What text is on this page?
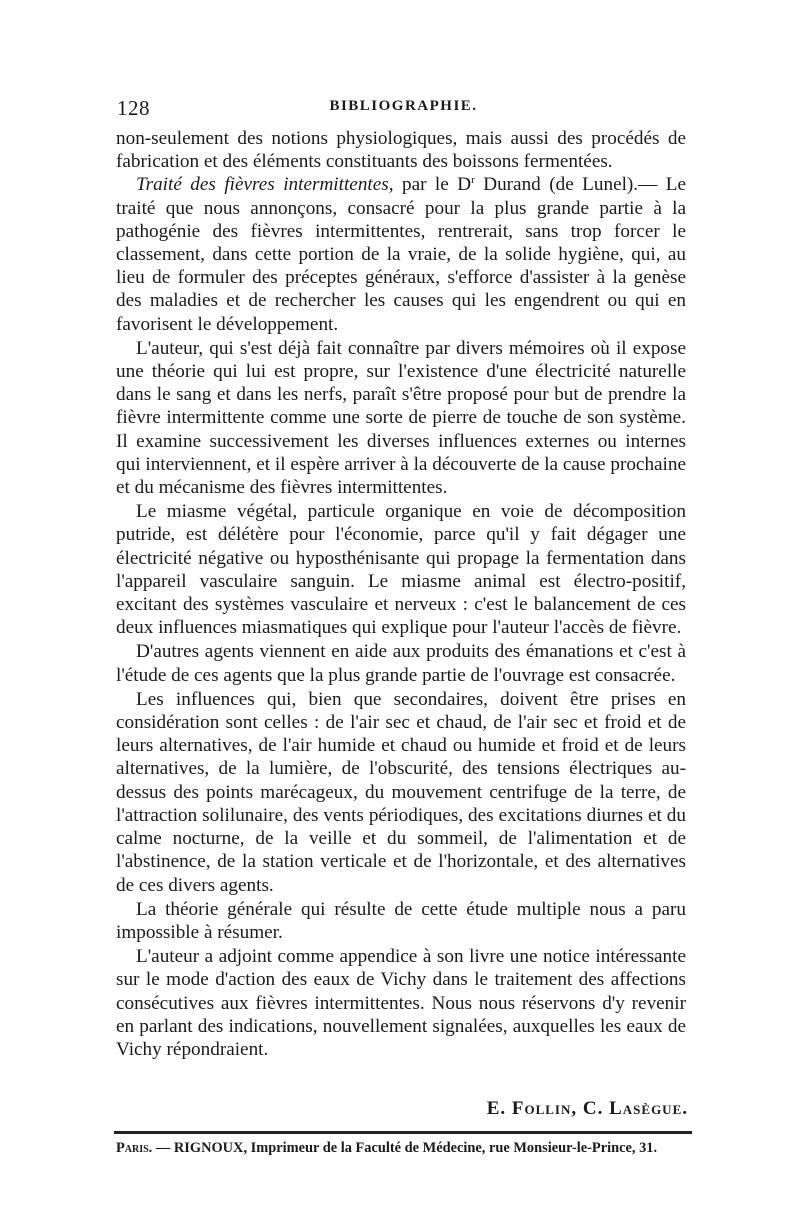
128	BIBLIOGRAPHIE.

non-seulement des notions physiologiques, mais aussi des procédés de fabrication et des éléments constituants des boissons fermentées.

Traité des fièvres intermittentes, par le $D^r$ Durand (de Lunel).— Le traité que nous annonçons, consacré pour la plus grande partie à la pathogénie des fièvres intermittentes, rentrerait, sans trop forcer le classement, dans cette portion de la vraie, de la solide hygiène, qui, au lieu de formuler des préceptes généraux, s'efforce d'assister à la genèse des maladies et de rechercher les causes qui les engendrent ou qui en favorisent le développement.

L'auteur, qui s'est déjà fait connaître par divers mémoires où il expose une théorie qui lui est propre, sur l'existence d'une électricité naturelle dans le sang et dans les nerfs, paraît s'être proposé pour but de prendre la fièvre intermittente comme une sorte de pierre de touche de son système. Il examine successivement les diverses influences externes ou internes qui interviennent, et il espère arriver à la découverte de la cause prochaine et du mécanisme des fièvres intermittentes.

Le miasme végétal, particule organique en voie de décomposition putride, est délétère pour l'économie, parce qu'il y fait dégager une électricité négative ou hyposthénisante qui propage la fermentation dans l'appareil vasculaire sanguin. Le miasme animal est électro-positif, excitant des systèmes vasculaire et nerveux : c'est le balancement de ces deux influences miasmatiques qui explique pour l'auteur l'accès de fièvre.

D'autres agents viennent en aide aux produits des émanations et c'est à l'étude de ces agents que la plus grande partie de l'ouvrage est consacrée.

Les influences qui, bien que secondaires, doivent être prises en considération sont celles : de l'air sec et chaud, de l'air sec et froid et de leurs alternatives, de l'air humide et chaud ou humide et froid et de leurs alternatives, de la lumière, de l'obscurité, des tensions électriques au-dessus des points marécageux, du mouvement centrifuge de la terre, de l'attraction solilunaire, des vents périodiques, des excitations diurnes et du calme nocturne, de la veille et du sommeil, de l'alimentation et de l'abstinence, de la station verticale et de l'horizontale, et des alternatives de ces divers agents.

La théorie générale qui résulte de cette étude multiple nous a paru impossible à résumer.

L'auteur a adjoint comme appendice à son livre une notice intéressante sur le mode d'action des eaux de Vichy dans le traitement des affections consécutives aux fièvres intermittentes. Nous nous réservons d'y revenir en parlant des indications, nouvellement signalées, auxquelles les eaux de Vichy répondraient.

E. Follin, C. Lasègue.
Paris. — RIGNOUX, Imprimeur de la Faculté de Médecine, rue Monsieur-le-Prince, 31.
